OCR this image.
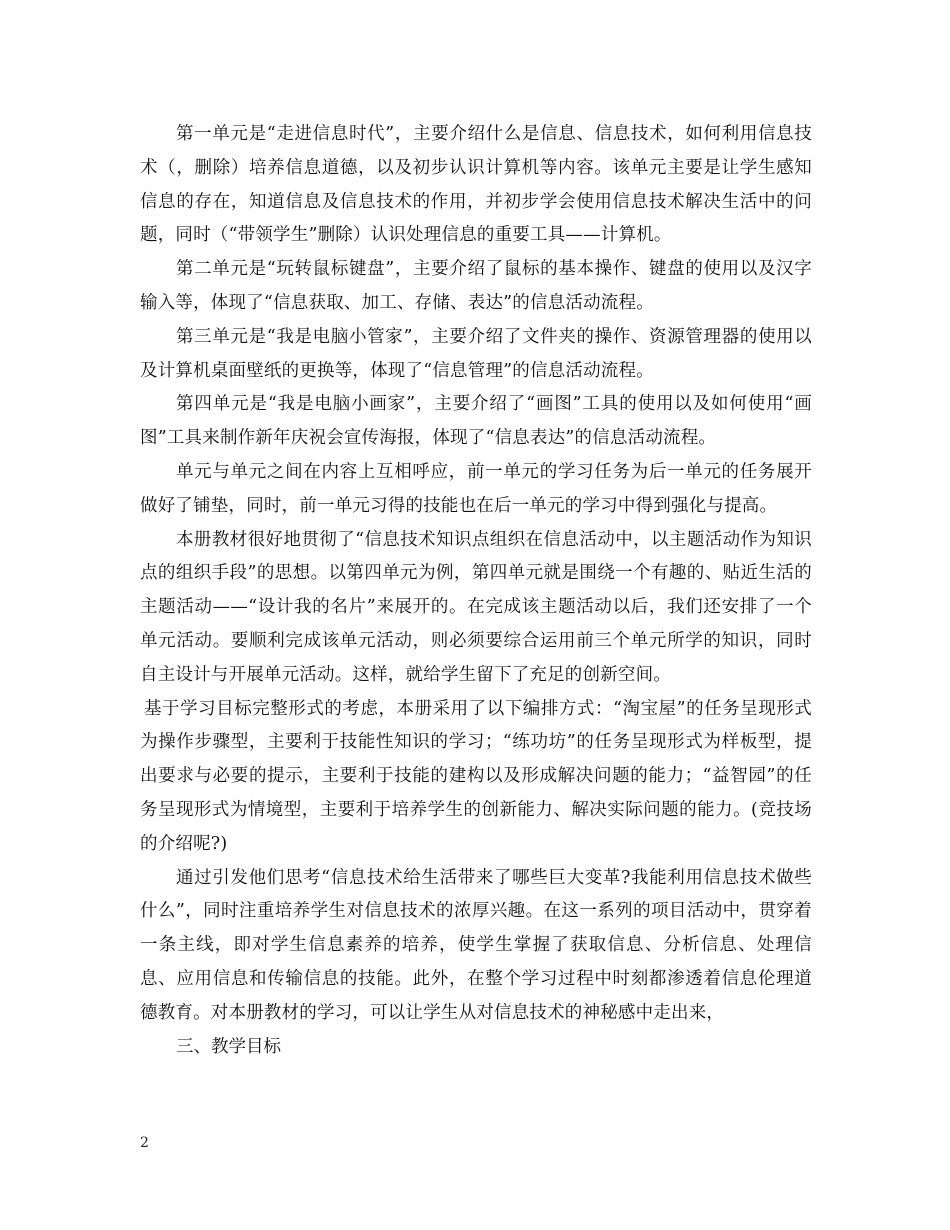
第一单元是“走进信息时代”，主要介绍什么是信息、信息技术，如何利用信息技术（，删除）培养信息道德，以及初步认识计算机等内容。该单元主要是让学生感知信息的存在，知道信息及信息技术的作用，并初步学会使用信息技术解决生活中的问题，同时（“带领学生”删除）认识处理信息的重要工具——计算机。

第二单元是“玩转鼠标键盘”，主要介绍了鼠标的基本操作、键盘的使用以及汉字输入等，体现了“信息获取、加工、存储、表达”的信息活动流程。

第三单元是“我是电脑小管家”，主要介绍了文件夹的操作、资源管理器的使用以及计算机桌面壁纸的更换等，体现了“信息管理”的信息活动流程。

第四单元是“我是电脑小画家”，主要介绍了“画图”工具的使用以及如何使用“画图”工具来制作新年庆祝会宣传海报，体现了“信息表达”的信息活动流程。

单元与单元之间在内容上互相呼应，前一单元的学习任务为后一单元的任务展开做好了铺垫，同时，前一单元习得的技能也在后一单元的学习中得到强化与提高。

本册教材很好地贯彻了“信息技术知识点组织在信息活动中，以主题活动作为知识点的组织手段”的思想。以第四单元为例，第四单元就是围绕一个有趣的、贴近生活的主题活动——“设计我的名片”来展开的。在完成该主题活动以后，我们还安排了一个单元活动。要顺利完成该单元活动，则必须要综合运用前三个单元所学的知识，同时自主设计与开展单元活动。这样，就给学生留下了充足的创新空间。

基于学习目标完整形式的考虑，本册采用了以下编排方式：“淘宝屋”的任务呈现形式为操作步骤型，主要利于技能性知识的学习；“练功坊”的任务呈现形式为样板型，提出要求与必要的提示，主要利于技能的建构以及形成解决问题的能力；“益智园”的任务呈现形式为情境型，主要利于培养学生的创新能力、解决实际问题的能力。(竞技场的介绍呢?)

通过引发他们思考“信息技术给生活带来了哪些巨大变革?我能利用信息技术做些什么”，同时注重培养学生对信息技术的浓厚兴趣。在这一系列的项目活动中，贯穿着一条主线，即对学生信息素养的培养，使学生掌握了获取信息、分析信息、处理信息、应用信息和传输信息的技能。此外，在整个学习过程中时刻都渗透着信息伦理道德教育。对本册教材的学习，可以让学生从对信息技术的神秘感中走出来，

三、教学目标

2
